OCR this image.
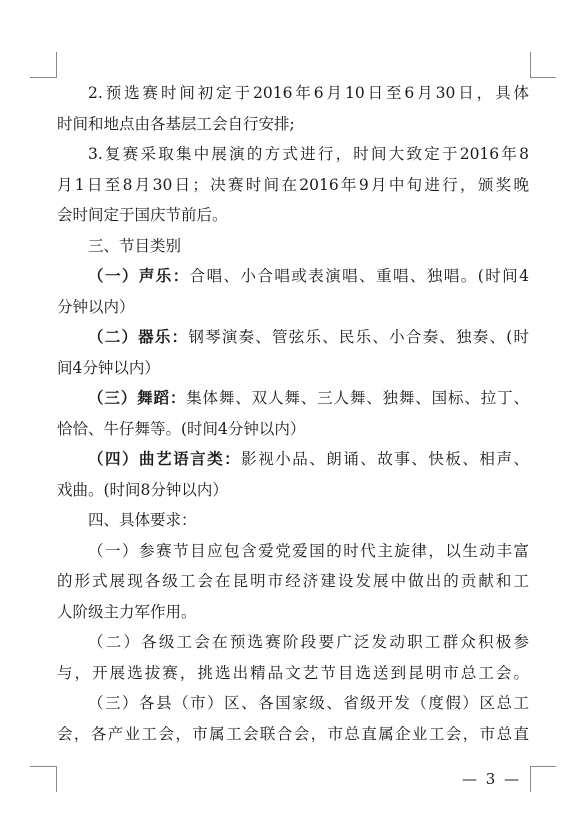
2.预选赛时间初定于2016年6月10日至6月30日，具体
时间和地点由各基层工会自行安排;
3.复赛采取集中展演的方式进行，时间大致定于2016年8
月1日至8月30日；决赛时间在2016年9月中旬进行，颁奖晚
会时间定于国庆节前后。
三、节目类别
（一）声乐：合唱、小合唱或表演唱、重唱、独唱。(时间4
分钟以内）
（二）器乐：钢琴演奏、管弦乐、民乐、小合奏、独奏、(时
间4分钟以内）
（三）舞蹈：集体舞、双人舞、三人舞、独舞、国标、拉丁、
恰恰、牛仔舞等。(时间4分钟以内）
（四）曲艺语言类：影视小品、朗诵、故事、快板、相声、
戏曲。(时间8分钟以内）
四、具体要求：
（一）参赛节目应包含爱党爱国的时代主旋律，以生动丰富
的形式展现各级工会在昆明市经济建设发展中做出的贡献和工
人阶级主力军作用。
（二）各级工会在预选赛阶段要广泛发动职工群众积极参
与，开展选拔赛，挑选出精品文艺节目选送到昆明市总工会。
（三）各县（市）区、各国家级、省级开发（度假）区总工
会，各产业工会，市属工会联合会，市总直属企业工会，市总直
— 3 —
